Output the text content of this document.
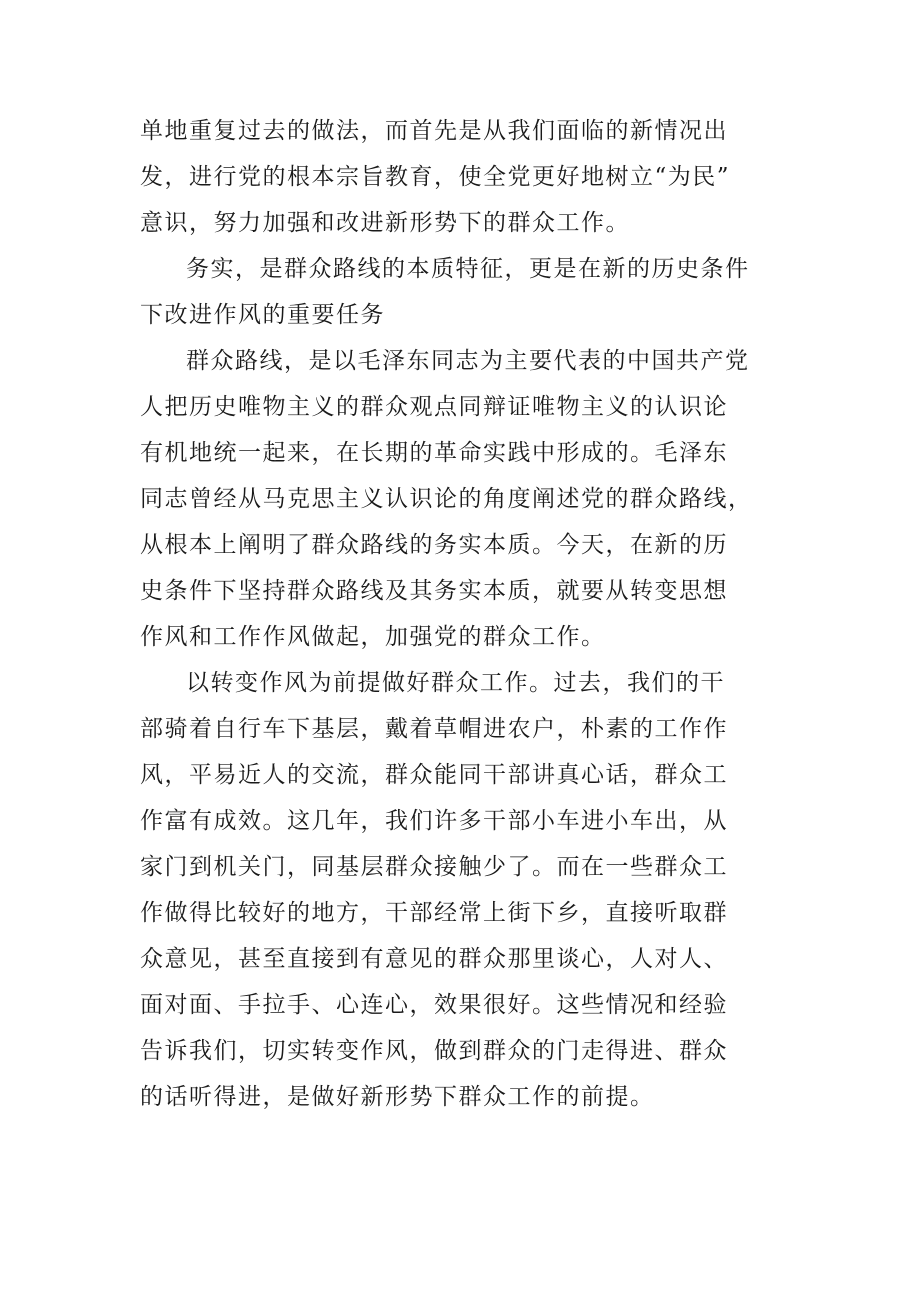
单地重复过去的做法，而首先是从我们面临的新情况出
发，进行党的根本宗旨教育，使全党更好地树立“为民”
意识，努力加强和改进新形势下的群众工作。
务实，是群众路线的本质特征，更是在新的历史条件
下改进作风的重要任务
群众路线，是以毛泽东同志为主要代表的中国共产党
人把历史唯物主义的群众观点同辩证唯物主义的认识论
有机地统一起来，在长期的革命实践中形成的。毛泽东
同志曾经从马克思主义认识论的角度阐述党的群众路线，
从根本上阐明了群众路线的务实本质。今天，在新的历
史条件下坚持群众路线及其务实本质，就要从转变思想
作风和工作作风做起，加强党的群众工作。
以转变作风为前提做好群众工作。过去，我们的干
部骑着自行车下基层，戴着草帽进农户，朴素的工作作
风，平易近人的交流，群众能同干部讲真心话，群众工
作富有成效。这几年，我们许多干部小车进小车出，从
家门到机关门，同基层群众接触少了。而在一些群众工
作做得比较好的地方，干部经常上街下乡，直接听取群
众意见，甚至直接到有意见的群众那里谈心，人对人、
面对面、手拉手、心连心，效果很好。这些情况和经验
告诉我们，切实转变作风，做到群众的门走得进、群众
的话听得进，是做好新形势下群众工作的前提。
